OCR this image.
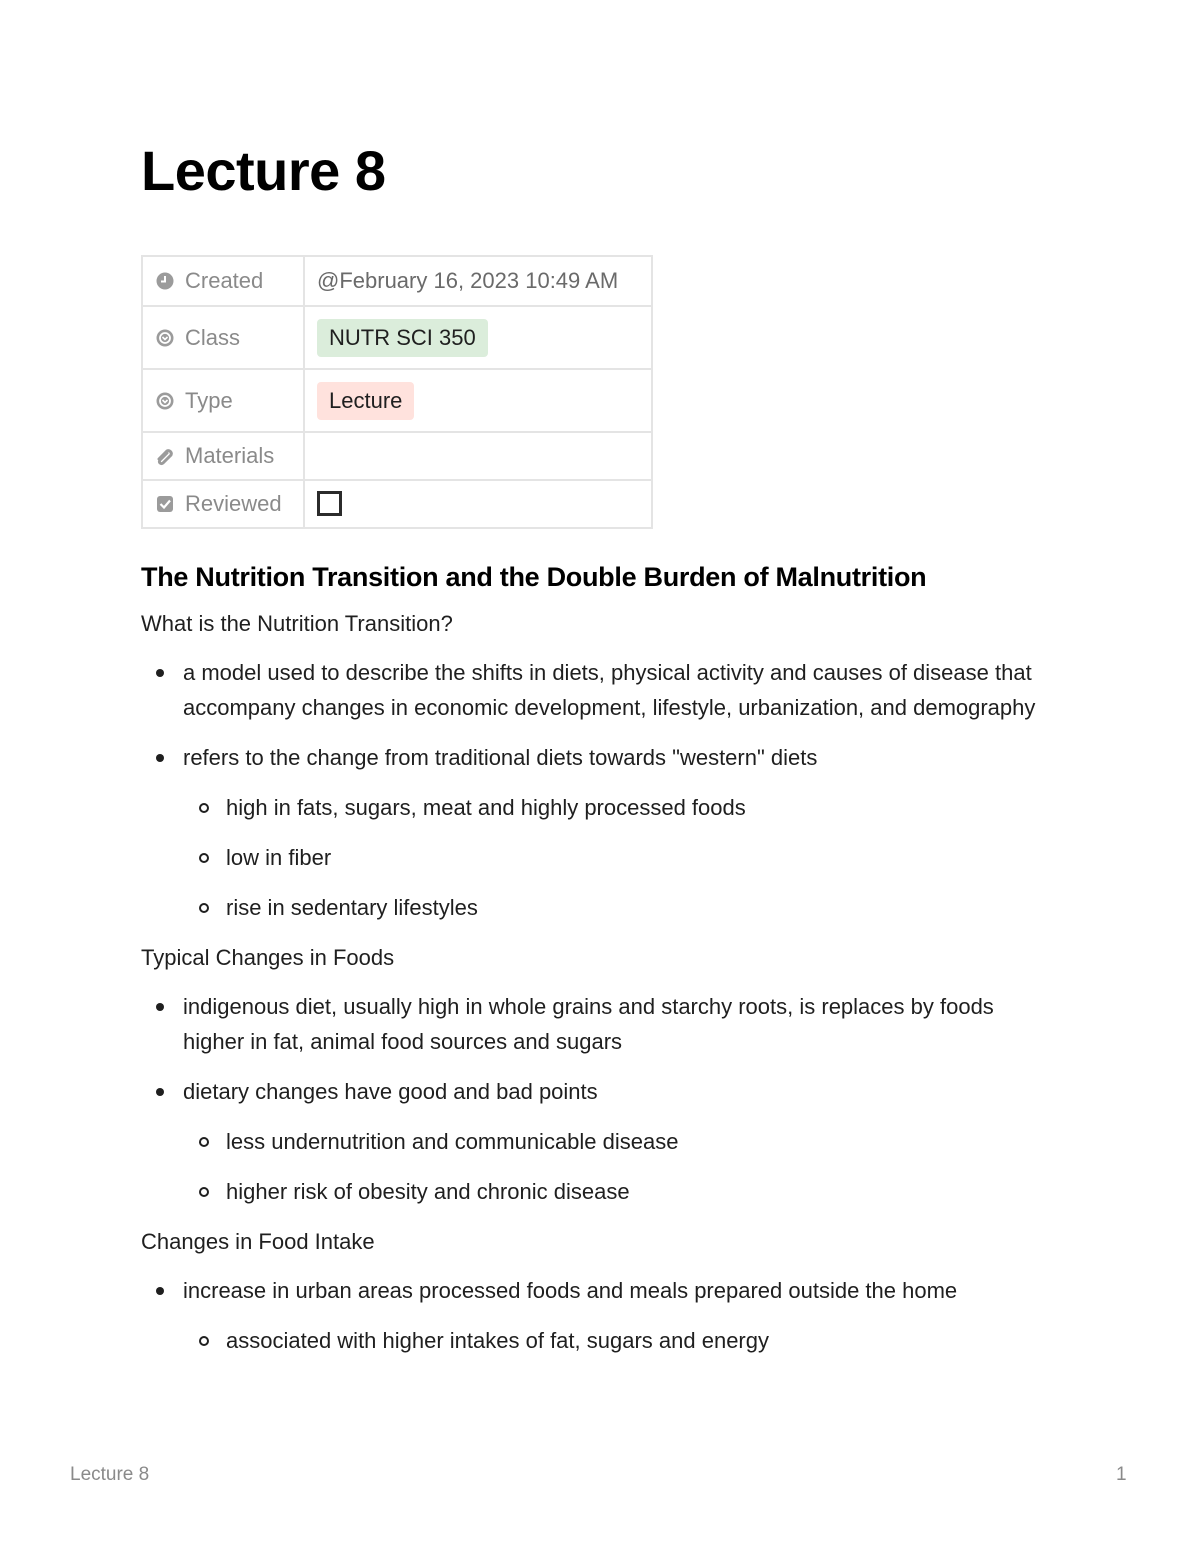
Lecture 8
Created	@February 16, 2023 10:49 AM
Class	NUTR SCI 350
Type	Lecture
Materials	
Reviewed	
The Nutrition Transition and the Double Burden of Malnutrition

What is the Nutrition Transition?

a model used to describe the shifts in diets, physical activity and causes of disease that accompany changes in economic development, lifestyle, urbanization, and demography
refers to the change from traditional diets towards "western" diets
high in fats, sugars, meat and highly processed foods
low in fiber
rise in sedentary lifestyles

Typical Changes in Foods

indigenous diet, usually high in whole grains and starchy roots, is replaces by foods higher in fat, animal food sources and sugars
dietary changes have good and bad points
less undernutrition and communicable disease
higher risk of obesity and chronic disease

Changes in Food Intake

increase in urban areas processed foods and meals prepared outside the home
associated with higher intakes of fat, sugars and energy
Lecture 8	1
